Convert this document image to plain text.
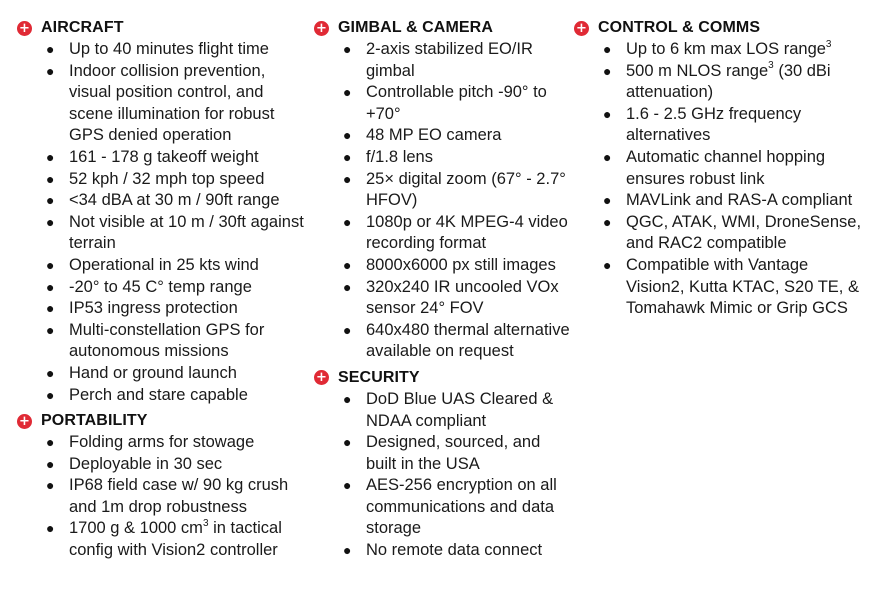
+ AIRCRAFT
● Up to 40 minutes flight time
● Indoor collision prevention, visual position control, and scene illumination for robust GPS denied operation
● 161 - 178 g takeoff weight
● 52 kph / 32 mph top speed
● <34 dBA at 30 m / 90ft range
● Not visible at 10 m / 30ft against terrain
● Operational in 25 kts wind
● -20° to 45 C° temp range
● IP53 ingress protection
● Multi-constellation GPS for autonomous missions
● Hand or ground launch
● Perch and stare capable
+ PORTABILITY
● Folding arms for stowage
● Deployable in 30 sec
● IP68 field case w/ 90 kg crush and 1m drop robustness
● 1700 g & 1000 $cm^3$ in tactical config with Vision2 controller
+ GIMBAL & CAMERA
● 2-axis stabilized EO/IR gimbal
● Controllable pitch -90° to +70°
● 48 MP EO camera
● f/1.8 lens
● 25× digital zoom (67° - 2.7° HFOV)
● 1080p or 4K MPEG-4 video recording format
● 8000x6000 px still images
● 320x240 IR uncooled VOx sensor 24° FOV
● 640x480 thermal alternative available on request
+ SECURITY
● DoD Blue UAS Cleared & NDAA compliant
● Designed, sourced, and built in the USA
● AES-256 encryption on all communications and data storage
● No remote data connect
+ CONTROL & COMMS
● Up to 6 km max LOS range$^3$
● 500 m NLOS range$^3$ (30 dBi attenuation)
● 1.6 - 2.5 GHz frequency alternatives
● Automatic channel hopping ensures robust link
● MAVLink and RAS-A compliant
● QGC, ATAK, WMI, DroneSense, and RAC2 compatible
● Compatible with Vantage Vision2, Kutta KTAC, S20 TE, & Tomahawk Mimic or Grip GCS
